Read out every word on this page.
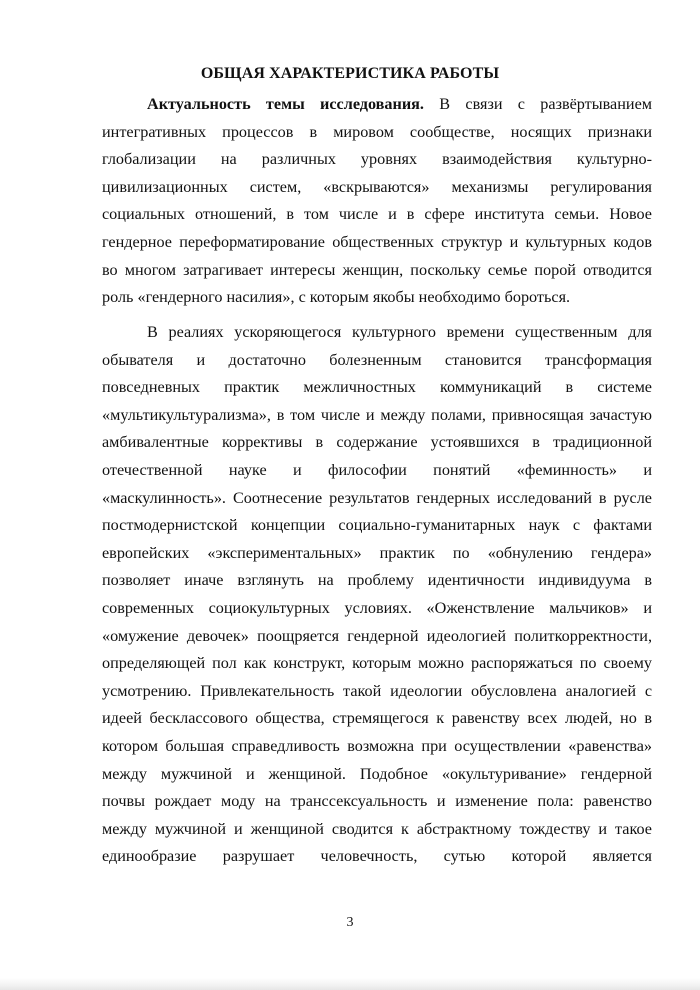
ОБЩАЯ ХАРАКТЕРИСТИКА РАБОТЫ
Актуальность темы исследования. В связи с развёртыванием
интегративных процессов в мировом сообществе, носящих признаки
глобализации на различных уровнях взаимодействия культурно-
цивилизационных систем, «вскрываются» механизмы регулирования
социальных отношений, в том числе и в сфере института семьи. Новое
гендерное переформатирование общественных структур и культурных кодов
во многом затрагивает интересы женщин, поскольку семье порой отводится
роль «гендерного насилия», с которым якобы необходимо бороться.
В реалиях ускоряющегося культурного времени существенным для
обывателя и достаточно болезненным становится трансформация
повседневных практик межличностных коммуникаций в системе
«мультикультурализма», в том числе и между полами, привносящая зачастую
амбивалентные коррективы в содержание устоявшихся в традиционной
отечественной науке и философии понятий «феминность» и
«маскулинность». Соотнесение результатов гендерных исследований в русле
постмодернистской концепции социально-гуманитарных наук с фактами
европейских «экспериментальных» практик по «обнулению гендера»
позволяет иначе взглянуть на проблему идентичности индивидуума в
современных социокультурных условиях. «Оженствление мальчиков» и
«омужение девочек» поощряется гендерной идеологией политкорректности,
определяющей пол как конструкт, которым можно распоряжаться по своему
усмотрению. Привлекательность такой идеологии обусловлена аналогией с
идеей бесклассового общества, стремящегося к равенству всех людей, но в
котором большая справедливость возможна при осуществлении «равенства»
между мужчиной и женщиной. Подобное «окультуривание» гендерной
почвы рождает моду на транссексуальность и изменение пола: равенство
между мужчиной и женщиной сводится к абстрактному тождеству и такое
единообразие разрушает человечность, сутью которой является
3
